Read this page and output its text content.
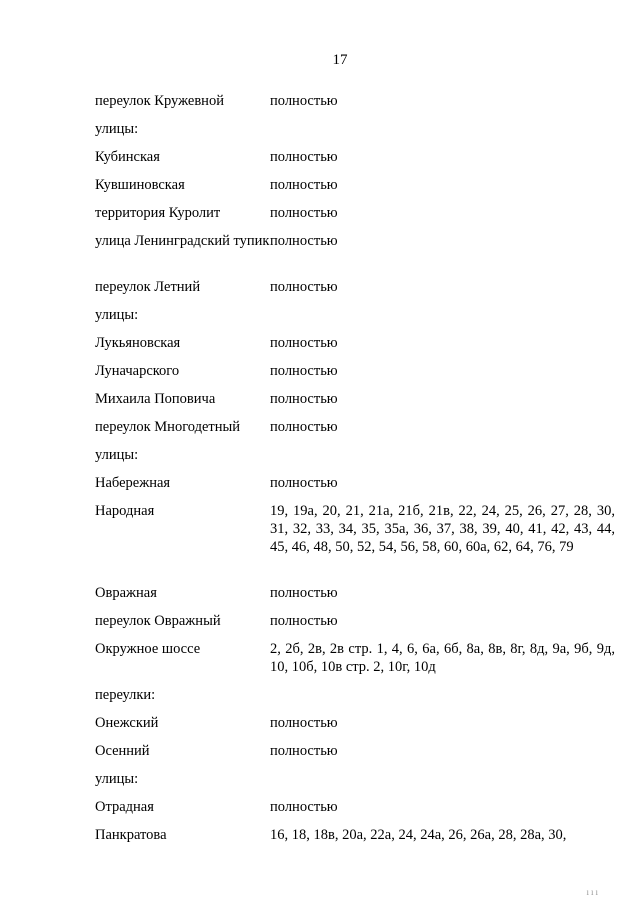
17
переулок Кружевной	полностью
улицы:
Кубинская	полностью
Кувшиновская	полностью
территория Куролит	полностью
улица Ленинградский тупик полностью
переулок Летний	полностью
улицы:
Лукьяновская	полностью
Луначарского	полностью
Михаила Поповича	полностью
переулок Многодетный	полностью
улицы:
Набережная	полностью
Народная	19, 19а, 20, 21, 21а, 21б, 21в, 22, 24, 25, 26, 27, 28, 30, 31, 32, 33, 34, 35, 35а, 36, 37, 38, 39, 40, 41, 42, 43, 44, 45, 46, 48, 50, 52, 54, 56, 58, 60, 60а, 62, 64, 76, 79
Овражная	полностью
переулок Овражный	полностью
Окружное шоссе	2, 2б, 2в, 2в стр. 1, 4, 6, 6а, 6б, 8а, 8в, 8г, 8д, 9а, 9б, 9д, 10, 10б, 10в стр. 2, 10г, 10д
переулки:
Онежский	полностью
Осенний	полностью
улицы:
Отрадная	полностью
Панкратова	16, 18, 18в, 20а, 22а, 24, 24а, 26, 26а, 28, 28а, 30,
ııı
